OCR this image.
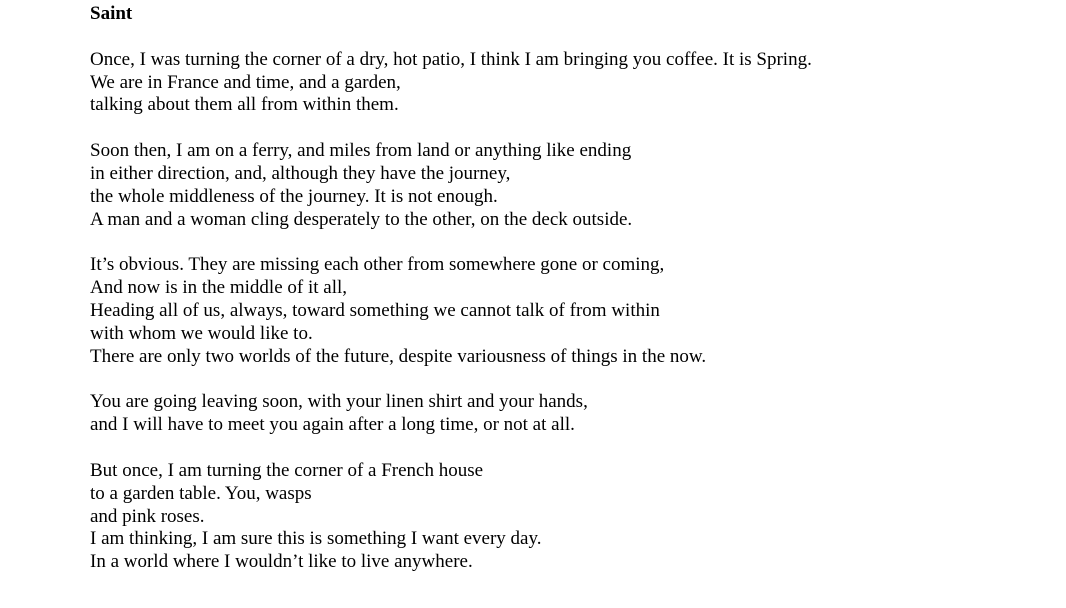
Saint
Once, I was turning the corner of a dry, hot patio, I think I am bringing you coffee. It is Spring.
We are in France and time, and a garden,
talking about them all from within them.
Soon then, I am on a ferry, and miles from land or anything like ending
in either direction, and, although they have the journey,
the whole middleness of the journey. It is not enough.
A man and a woman cling desperately to the other, on the deck outside.
It’s obvious. They are missing each other from somewhere gone or coming,
And now is in the middle of it all,
Heading all of us, always, toward something we cannot talk of from within
with whom we would like to.
There are only two worlds of the future, despite variousness of things in the now.
You are going leaving soon, with your linen shirt and your hands,
and I will have to meet you again after a long time, or not at all.
But once, I am turning the corner of a French house
to a garden table. You, wasps
and pink roses.
I am thinking, I am sure this is something I want every day.
In a world where I wouldn’t like to live anywhere.
